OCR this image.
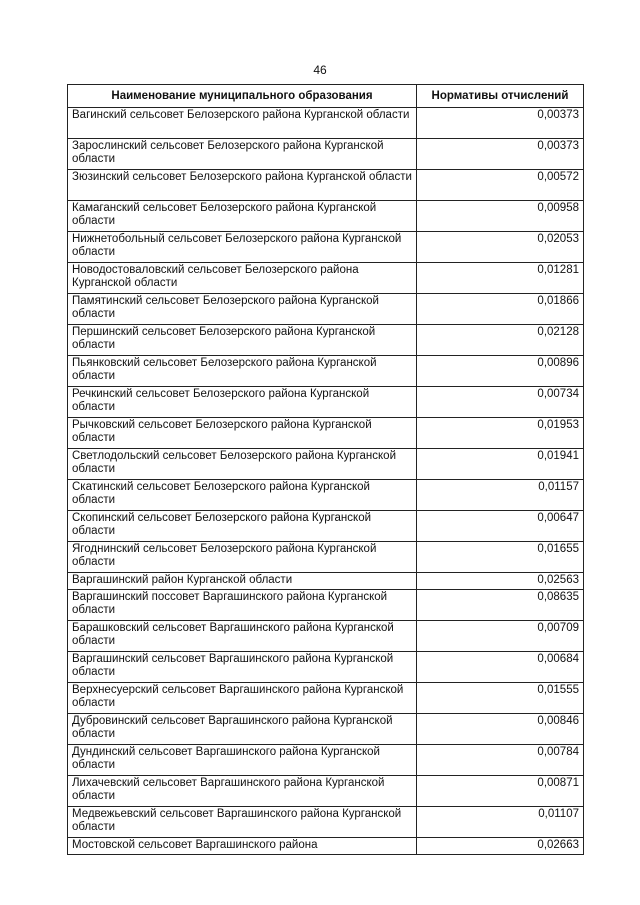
46
Наименование муниципального образования	Нормативы отчислений
Вагинский сельсовет Белозерского района Курганской области	0,00373
Зарослинский сельсовет Белозерского района Курганской области	0,00373
Зюзинский сельсовет Белозерского района Курганской области	0,00572
Камаганский сельсовет Белозерского района Курганской области	0,00958
Нижнетобольный сельсовет Белозерского района Курганской области	0,02053
Новодостоваловский сельсовет Белозерского района Курганской области	0,01281
Памятинский сельсовет Белозерского района Курганской области	0,01866
Першинский сельсовет Белозерского района Курганской области	0,02128
Пьянковский сельсовет Белозерского района Курганской области	0,00896
Речкинский сельсовет Белозерского района Курганской области	0,00734
Рычковский сельсовет Белозерского района Курганской области	0,01953
Светлодольский сельсовет Белозерского района Курганской области	0,01941
Скатинский сельсовет Белозерского района Курганской области	0,01157
Скопинский сельсовет Белозерского района Курганской области	0,00647
Ягоднинский сельсовет Белозерского района Курганской области	0,01655
Варгашинский район Курганской области	0,02563
Варгашинский поссовет Варгашинского района Курганской области	0,08635
Барашковский сельсовет Варгашинского района Курганской области	0,00709
Варгашинский сельсовет Варгашинского района Курганской области	0,00684
Верхнесуерский сельсовет Варгашинского района Курганской области	0,01555
Дубровинский сельсовет Варгашинского района Курганской области	0,00846
Дундинский сельсовет Варгашинского района Курганской области	0,00784
Лихачевский сельсовет Варгашинского района Курганской области	0,00871
Медвежьевский сельсовет Варгашинского района Курганской области	0,01107
Мостовской сельсовет Варгашинского района	0,02663
